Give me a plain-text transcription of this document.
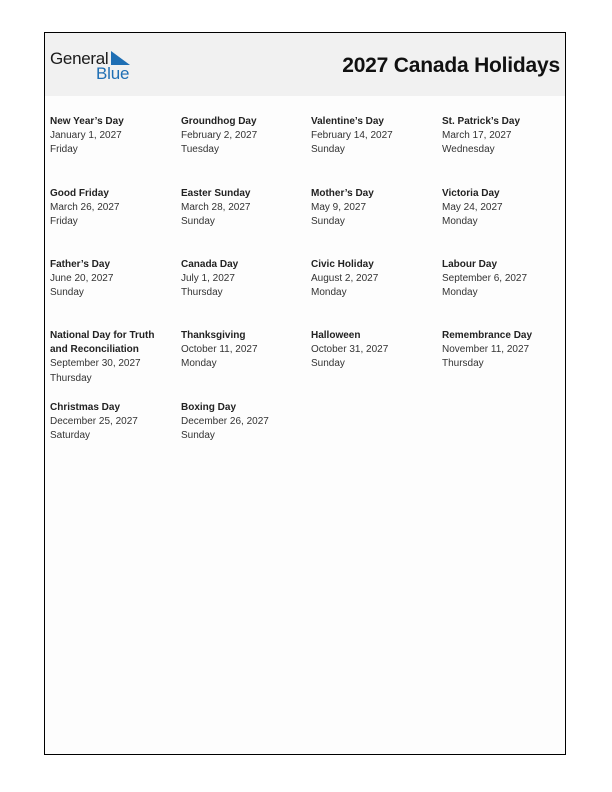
General
Blue	2027 Canada Holidays
New Year’s Day
January 1, 2027
Friday
Groundhog Day
February 2, 2027
Tuesday
Valentine’s Day
February 14, 2027
Sunday
St. Patrick’s Day
March 17, 2027
Wednesday
Good Friday
March 26, 2027
Friday
Easter Sunday
March 28, 2027
Sunday
Mother’s Day
May 9, 2027
Sunday
Victoria Day
May 24, 2027
Monday
Father’s Day
June 20, 2027
Sunday
Canada Day
July 1, 2027
Thursday
Civic Holiday
August 2, 2027
Monday
Labour Day
September 6, 2027
Monday
National Day for Truth and Reconciliation
September 30, 2027
Thursday
Thanksgiving
October 11, 2027
Monday
Halloween
October 31, 2027
Sunday
Remembrance Day
November 11, 2027
Thursday
Christmas Day
December 25, 2027
Saturday
Boxing Day
December 26, 2027
Sunday
